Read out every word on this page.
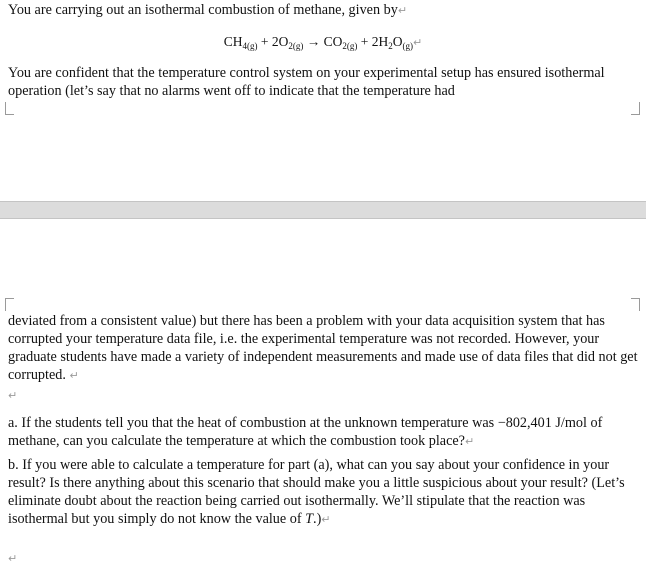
You are carrying out an isothermal combustion of methane, given by↵
$CH_{4(g)} + 2O_{2(g)} \to CO_{2(g)}$ + $2H_2O_{(g)}↵$
You are confident that the temperature control system on your experimental setup has ensured isothermal operation (let’s say that no alarms went off to indicate that the temperature had
deviated from a consistent value) but there has been a problem with your data acquisition system that has corrupted your temperature data file, i.e. the experimental temperature was not recorded. However, your graduate students have made a variety of independent measurements and made use of data files that did not get corrupted. ↵
↵
a. If the students tell you that the heat of combustion at the unknown temperature was −802,401 J/mol of methane, can you calculate the temperature at which the combustion took place?↵
b. If you were able to calculate a temperature for part (a), what can you say about your confidence in your result? Is there anything about this scenario that should make you a little suspicious about your result? (Let’s eliminate doubt about the reaction being carried out isothermally. We’ll stipulate that the reaction was isothermal but you simply do not know the value of T.)↵
↵
